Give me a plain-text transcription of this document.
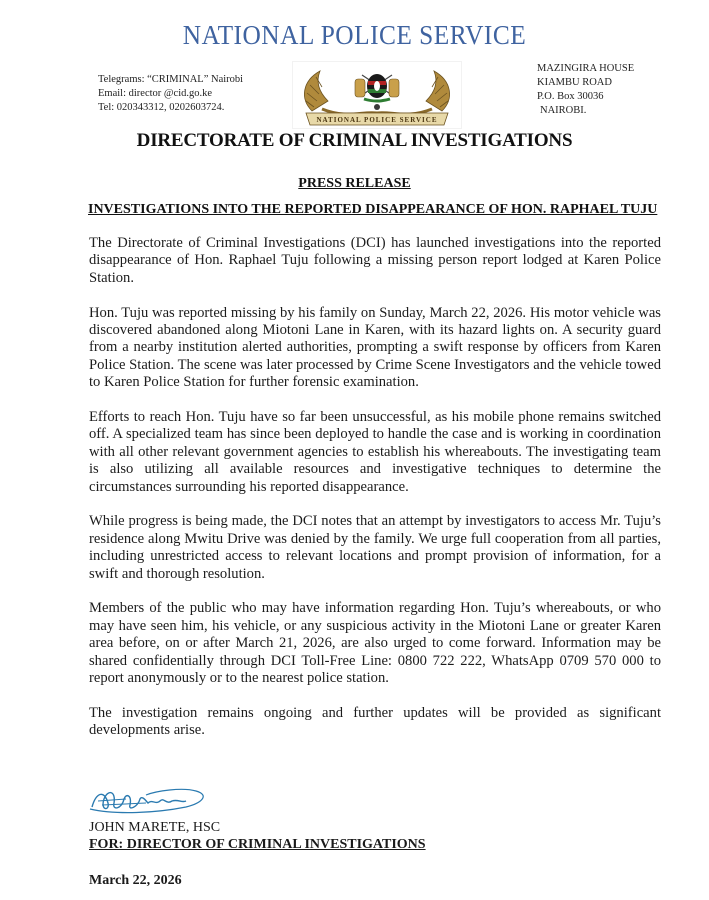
NATIONAL POLICE SERVICE
Telegrams: “CRIMINAL” Nairobi
Email: director @cid.go.ke
Tel: 020343312, 0202603724.
NATIONAL POLICE SERVICE
MAZINGIRA HOUSE
KIAMBU ROAD
P.O. Box 30036
NAIROBI.
DIRECTORATE OF CRIMINAL INVESTIGATIONS
PRESS RELEASE
INVESTIGATIONS INTO THE REPORTED DISAPPEARANCE OF HON. RAPHAEL TUJU

The Directorate of Criminal Investigations (DCI) has launched investigations into the reported disappearance of Hon. Raphael Tuju following a missing person report lodged at Karen Police Station.

Hon. Tuju was reported missing by his family on Sunday, March 22, 2026. His motor vehicle was discovered abandoned along Miotoni Lane in Karen, with its hazard lights on. A security guard from a nearby institution alerted authorities, prompting a swift response by officers from Karen Police Station. The scene was later processed by Crime Scene Investigators and the vehicle towed to Karen Police Station for further forensic examination.

Efforts to reach Hon. Tuju have so far been unsuccessful, as his mobile phone remains switched off. A specialized team has since been deployed to handle the case and is working in coordination with all other relevant government agencies to establish his whereabouts. The investigating team is also utilizing all available resources and investigative techniques to determine the circumstances surrounding his reported disappearance.

While progress is being made, the DCI notes that an attempt by investigators to access Mr. Tuju’s residence along Mwitu Drive was denied by the family. We urge full cooperation from all parties, including unrestricted access to relevant locations and prompt provision of information, for a swift and thorough resolution.

Members of the public who may have information regarding Hon. Tuju’s whereabouts, or who may have seen him, his vehicle, or any suspicious activity in the Miotoni Lane or greater Karen area before, on or after March 21, 2026, are also urged to come forward. Information may be shared confidentially through DCI Toll-Free Line: 0800 722 222, WhatsApp 0709 570 000 to report anonymously or to the nearest police station.

The investigation remains ongoing and further updates will be provided as significant developments arise.

JOHN MARETE, HSC
FOR: DIRECTOR OF CRIMINAL INVESTIGATIONS
March 22, 2026
